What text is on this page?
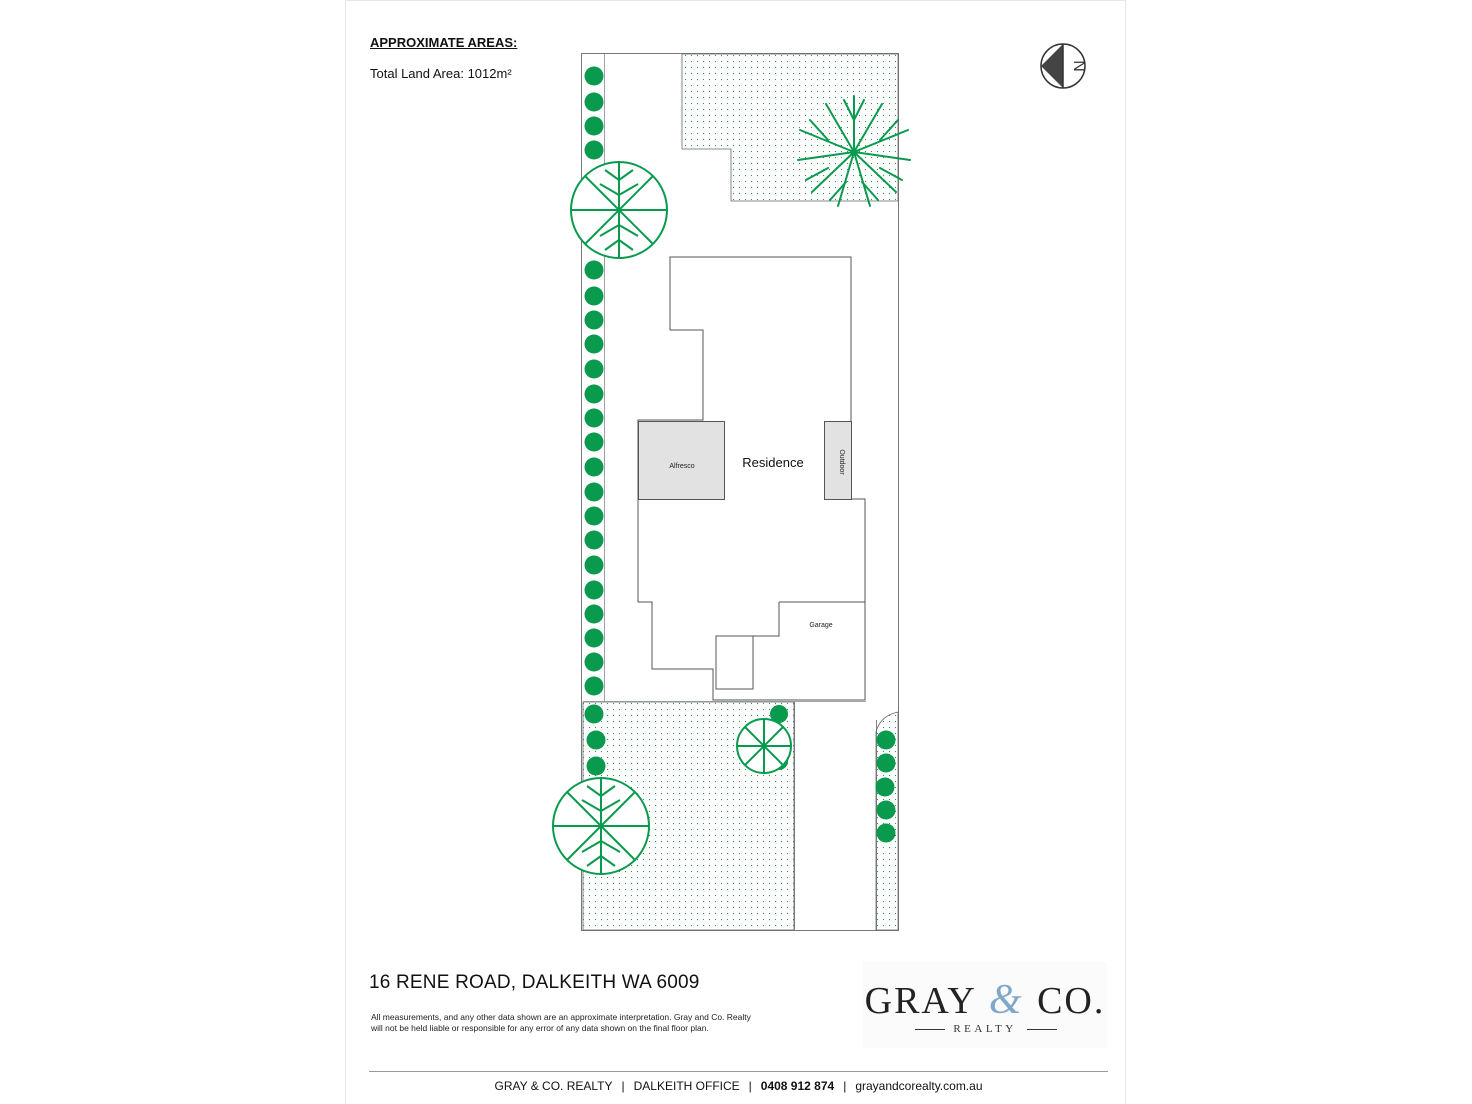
APPROXIMATE AREAS:
Total Land Area: 1012m²
Alfresco	Residence	Outdoor
Garage
N
16 RENE ROAD, DALKEITH WA 6009
All measurements, and any other data shown are an approximate interpretation. Gray and Co. Realty will not be held liable or responsible for any error of any data shown on the final floor plan.
GRAY & CO.
REALTY
GRAY & CO. REALTY | DALKEITH OFFICE | 0408 912 874 | grayandcorealty.com.au
